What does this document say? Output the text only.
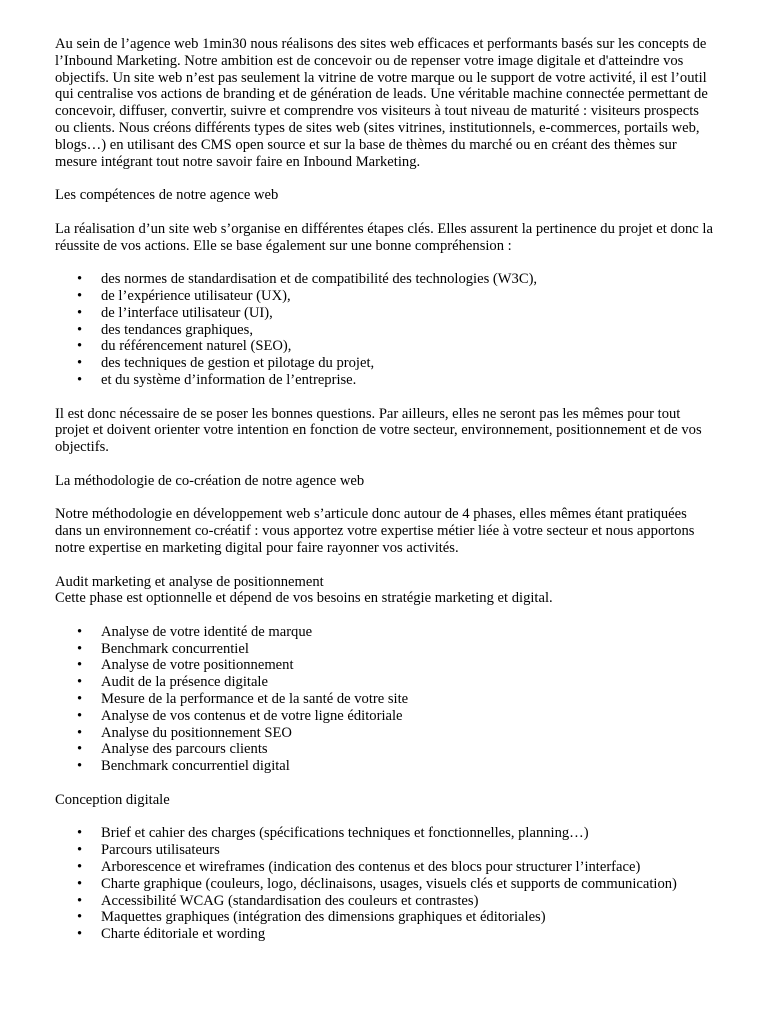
Au sein de l’agence web 1min30 nous réalisons des sites web efficaces et performants basés sur les concepts de l’Inbound Marketing. Notre ambition est de concevoir ou de repenser votre image digitale et d'atteindre vos objectifs. Un site web n’est pas seulement la vitrine de votre marque ou le support de votre activité, il est l’outil qui centralise vos actions de branding et de génération de leads. Une véritable machine connectée permettant de concevoir, diffuser, convertir, suivre et comprendre vos visiteurs à tout niveau de maturité : visiteurs prospects ou clients. Nous créons différents types de sites web (sites vitrines, institutionnels, e-commerces, portails web, blogs…) en utilisant des CMS open source et sur la base de thèmes du marché ou en créant des thèmes sur mesure intégrant tout notre savoir faire en Inbound Marketing.

Les compétences de notre agence web

La réalisation d’un site web s’organise en différentes étapes clés. Elles assurent la pertinence du projet et donc la réussite de vos actions. Elle se base également sur une bonne compréhension :

• des normes de standardisation et de compatibilité des technologies (W3C),
• de l’expérience utilisateur (UX),
• de l’interface utilisateur (UI),
• des tendances graphiques,
• du référencement naturel (SEO),
• des techniques de gestion et pilotage du projet,
• et du système d’information de l’entreprise.

Il est donc nécessaire de se poser les bonnes questions. Par ailleurs, elles ne seront pas les mêmes pour tout projet et doivent orienter votre intention en fonction de votre secteur, environnement, positionnement et de vos objectifs.

La méthodologie de co-création de notre agence web

Notre méthodologie en développement web s’articule donc autour de 4 phases, elles mêmes étant pratiquées dans un environnement co-créatif : vous apportez votre expertise métier liée à votre secteur et nous apportons notre expertise en marketing digital pour faire rayonner vos activités.

Audit marketing et analyse de positionnement

Cette phase est optionnelle et dépend de vos besoins en stratégie marketing et digital.

• Analyse de votre identité de marque
• Benchmark concurrentiel
• Analyse de votre positionnement
• Audit de la présence digitale
• Mesure de la performance et de la santé de votre site
• Analyse de vos contenus et de votre ligne éditoriale
• Analyse du positionnement SEO
• Analyse des parcours clients
• Benchmark concurrentiel digital

Conception digitale

• Brief et cahier des charges (spécifications techniques et fonctionnelles, planning…)
• Parcours utilisateurs
• Arborescence et wireframes (indication des contenus et des blocs pour structurer l’interface)
• Charte graphique (couleurs, logo, déclinaisons, usages, visuels clés et supports de communication)
• Accessibilité WCAG (standardisation des couleurs et contrastes)
• Maquettes graphiques (intégration des dimensions graphiques et éditoriales)
• Charte éditoriale et wording
